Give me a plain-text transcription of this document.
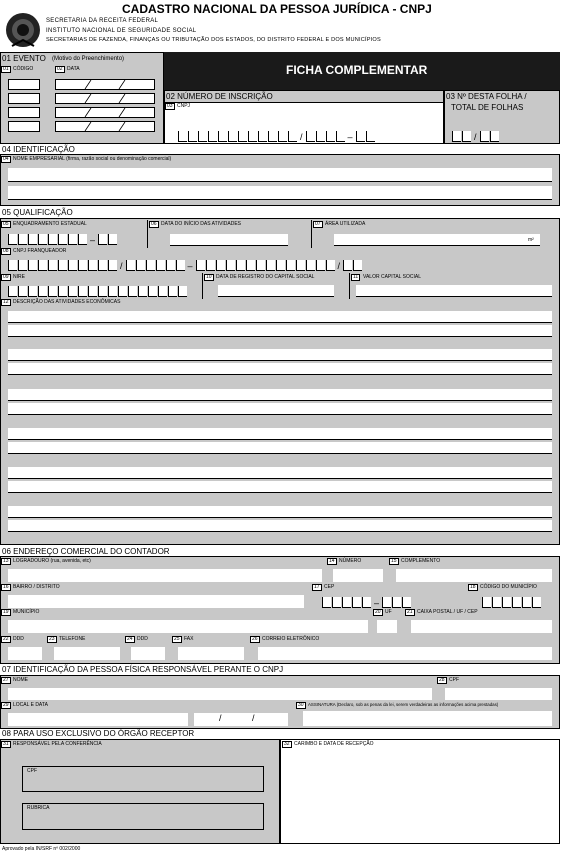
CADASTRO NACIONAL DA PESSOA JURÍDICA - CNPJ
SECRETARIA DA RECEITA FEDERAL
INSTITUTO NACIONAL DE SEGURIDADE SOCIAL
SECRETARIAS DE FAZENDA, FINANÇAS OU TRIBUTAÇÃO DOS ESTADOS, DO DISTRITO FEDERAL E DOS MUNICÍPIOS
01 EVENTO (Motivo do Preenchimento)
01 CÓDIGO	02 DATA	FICHA COMPLEMENTAR
02 NÚMERO DE INSCRIÇÃO
03 CNPJ
/	–
03 Nº DESTA FOLHA /
TOTAL DE FOLHAS
/
04 IDENTIFICAÇÃO
04 NOME EMPRESARIAL (firma, razão social ou denominação comercial)
05 QUALIFICAÇÃO
05 ENQUADRAMENTO ESTADUAL
–
06 DATA DO INÍCIO DAS ATIVIDADES	07 ÁREA UTILIZADA
m²
08 CNPJ FRANQUEADOR
/	–	/
09 NIRE	10 DATA DE REGISTRO DO CAPITAL SOCIAL	11 VALOR CAPITAL SOCIAL
12 DESCRIÇÃO DAS ATIVIDADES ECONÔMICAS
06 ENDEREÇO COMERCIAL DO CONTADOR
13 LOGRADOURO (rua, avenida, etc)	14 NÚMERO	15 COMPLEMENTO
16 BAIRRO / DISTRITO	17 CEP
–
18 CÓDIGO DO MUNICÍPIO
19 MUNICÍPIO	20 UF	21 CAIXA POSTAL / UF / CEP
22 DDD	23 TELEFONE	24 DDD	25 FAX	26 CORREIO ELETRÔNICO
07 IDENTIFICAÇÃO DA PESSOA FÍSICA RESPONSÁVEL PERANTE O CNPJ
27 NOME	28 CPF
29 LOCAL E DATA
/	/
30	ASSINATURA (Declaro, sob as penas da lei, serem verdadeiras as informações acima prestadas)
08 PARA USO EXCLUSIVO DO ÓRGÃO RECEPTOR
31 RESPONSÁVEL PELA CONFERÊNCIA
CPF
RUBRICA
32 CARIMBO E DATA DE RECEPÇÃO
Aprovado pela IN/SRF nº 002/2000
